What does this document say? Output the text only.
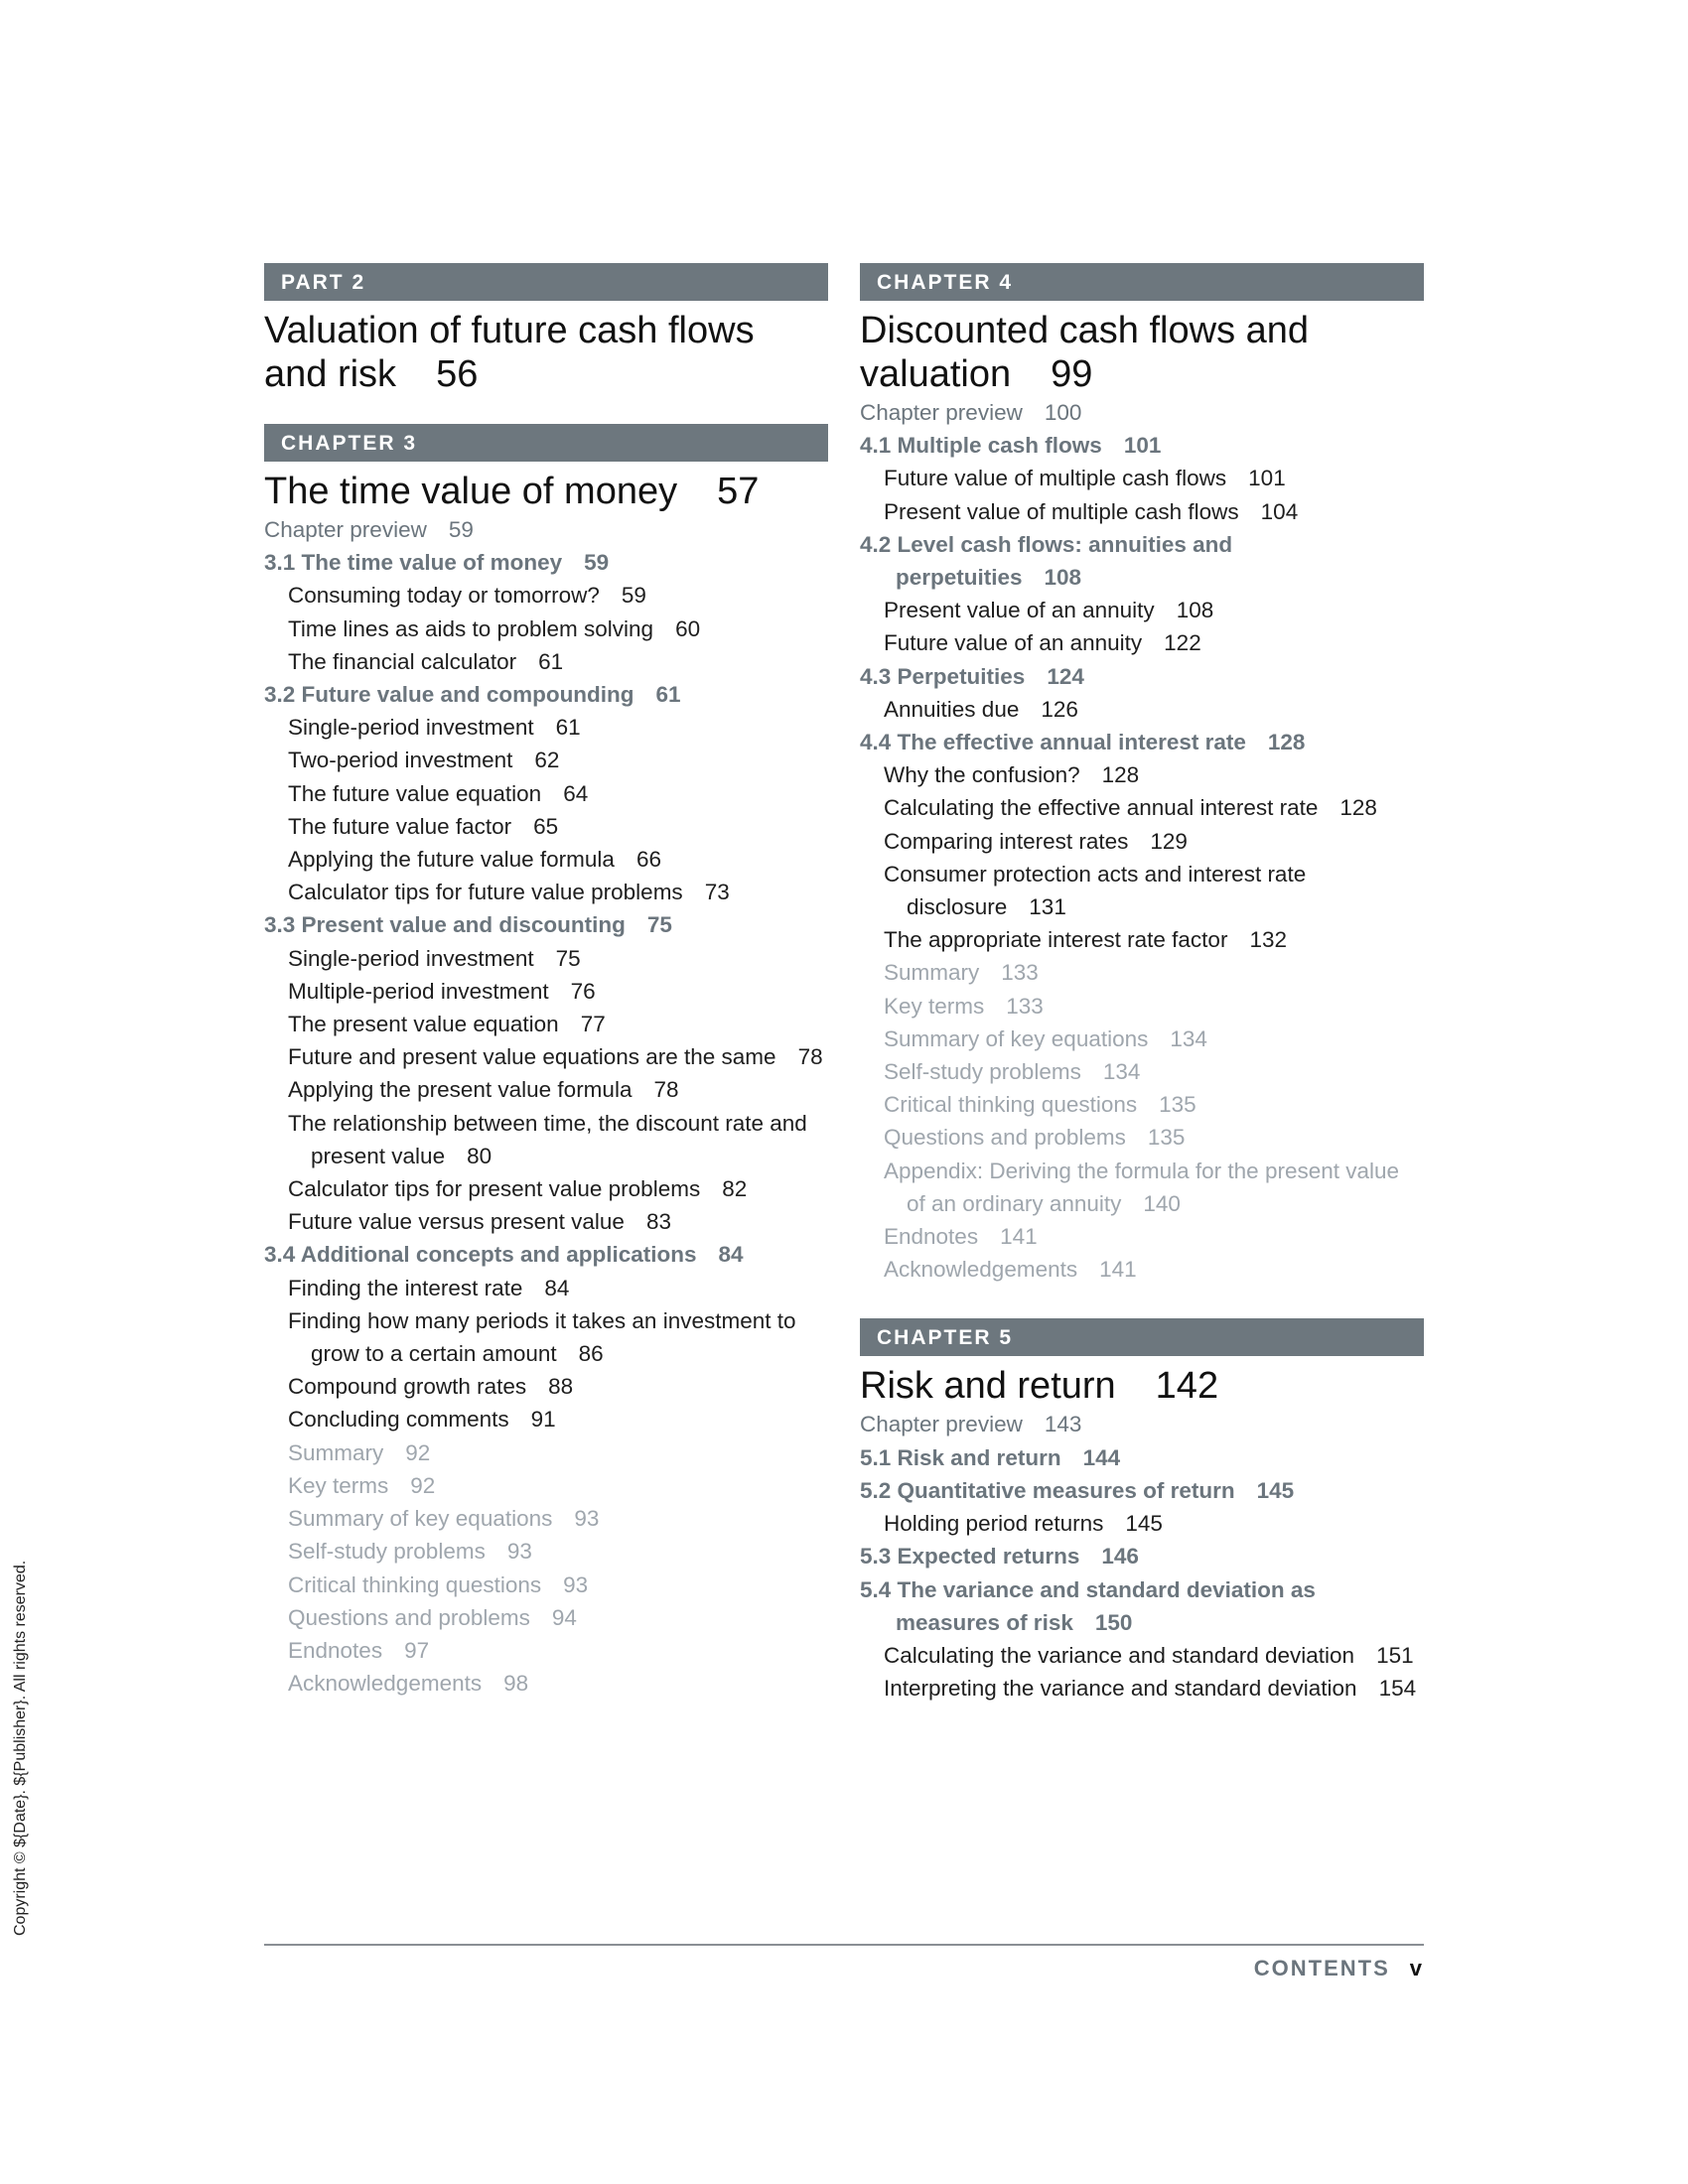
Copyright © ${Date}. ${Publisher}. All rights reserved.
PART 2
Valuation of future cash flows
and risk 56
CHAPTER 3
The time value of money 57
Chapter preview 59
3.1 The time value of money 59
Consuming today or tomorrow? 59
Time lines as aids to problem solving 60
The financial calculator 61
3.2 Future value and compounding 61
Single-period investment 61
Two-period investment 62
The future value equation 64
The future value factor 65
Applying the future value formula 66
Calculator tips for future value problems 73
3.3 Present value and discounting 75
Single-period investment 75
Multiple-period investment 76
The present value equation 77
Future and present value equations are the same 78
Applying the present value formula 78
The relationship between time, the discount rate and present value 80
Calculator tips for present value problems 82
Future value versus present value 83
3.4 Additional concepts and applications 84
Finding the interest rate 84
Finding how many periods it takes an investment to grow to a certain amount 86
Compound growth rates 88
Concluding comments 91
Summary 92
Key terms 92
Summary of key equations 93
Self-study problems 93
Critical thinking questions 93
Questions and problems 94
Endnotes 97
Acknowledgements 98
CHAPTER 4
Discounted cash flows and
valuation 99
Chapter preview 100
4.1 Multiple cash flows 101
Future value of multiple cash flows 101
Present value of multiple cash flows 104
4.2 Level cash flows: annuities and perpetuities 108
Present value of an annuity 108
Future value of an annuity 122
4.3 Perpetuities 124
Annuities due 126
4.4 The effective annual interest rate 128
Why the confusion? 128
Calculating the effective annual interest rate 128
Comparing interest rates 129
Consumer protection acts and interest rate disclosure 131
The appropriate interest rate factor 132
Summary 133
Key terms 133
Summary of key equations 134
Self-study problems 134
Critical thinking questions 135
Questions and problems 135
Appendix: Deriving the formula for the present value of an ordinary annuity 140
Endnotes 141
Acknowledgements 141
CHAPTER 5
Risk and return 142
Chapter preview 143
5.1 Risk and return 144
5.2 Quantitative measures of return 145
Holding period returns 145
5.3 Expected returns 146
5.4 The variance and standard deviation as measures of risk 150
Calculating the variance and standard deviation 151
Interpreting the variance and standard deviation 154
CONTENTS v
